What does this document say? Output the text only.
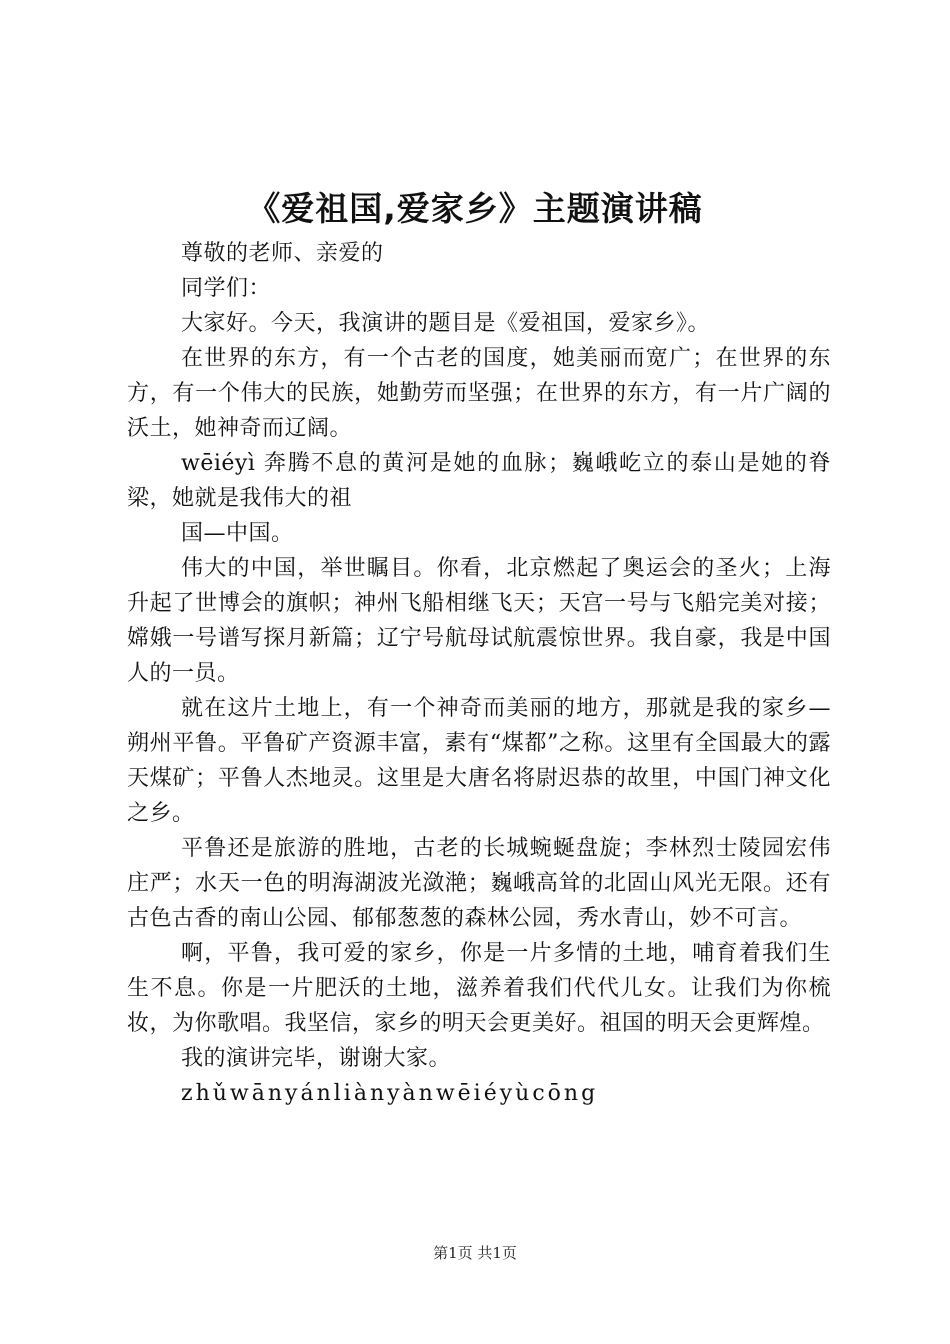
《爱祖国,爱家乡》主题演讲稿

尊敬的老师、亲爱的

同学们：

大家好。今天，我演讲的题目是《爱祖国，爱家乡》。

在世界的东方，有一个古老的国度，她美丽而宽广；在世界的东方，有一个伟大的民族，她勤劳而坚强；在世界的东方，有一片广阔的沃土，她神奇而辽阔。

wēiéyì 奔腾不息的黄河是她的血脉；巍峨屹立的泰山是她的脊梁，她就是我伟大的祖

国—中国。

伟大的中国，举世瞩目。你看，北京燃起了奥运会的圣火；上海升起了世博会的旗帜；神州飞船相继飞天；天宫一号与飞船完美对接；嫦娥一号谱写探月新篇；辽宁号航母试航震惊世界。我自豪，我是中国人的一员。

就在这片土地上，有一个神奇而美丽的地方，那就是我的家乡—朔州平鲁。平鲁矿产资源丰富，素有“煤都”之称。这里有全国最大的露天煤矿；平鲁人杰地灵。这里是大唐名将尉迟恭的故里，中国门神文化之乡。

平鲁还是旅游的胜地，古老的长城蜿蜒盘旋；李林烈士陵园宏伟庄严；水天一色的明海湖波光潋滟；巍峨高耸的北固山风光无限。还有古色古香的南山公园、郁郁葱葱的森林公园，秀水青山，妙不可言。

啊，平鲁，我可爱的家乡，你是一片多情的土地，哺育着我们生生不息。你是一片肥沃的土地，滋养着我们代代儿女。让我们为你梳妆，为你歌唱。我坚信，家乡的明天会更美好。祖国的明天会更辉煌。

我的演讲完毕，谢谢大家。

zhǔwānyánliànyànwēiéyùcōng

第1页 共1页
